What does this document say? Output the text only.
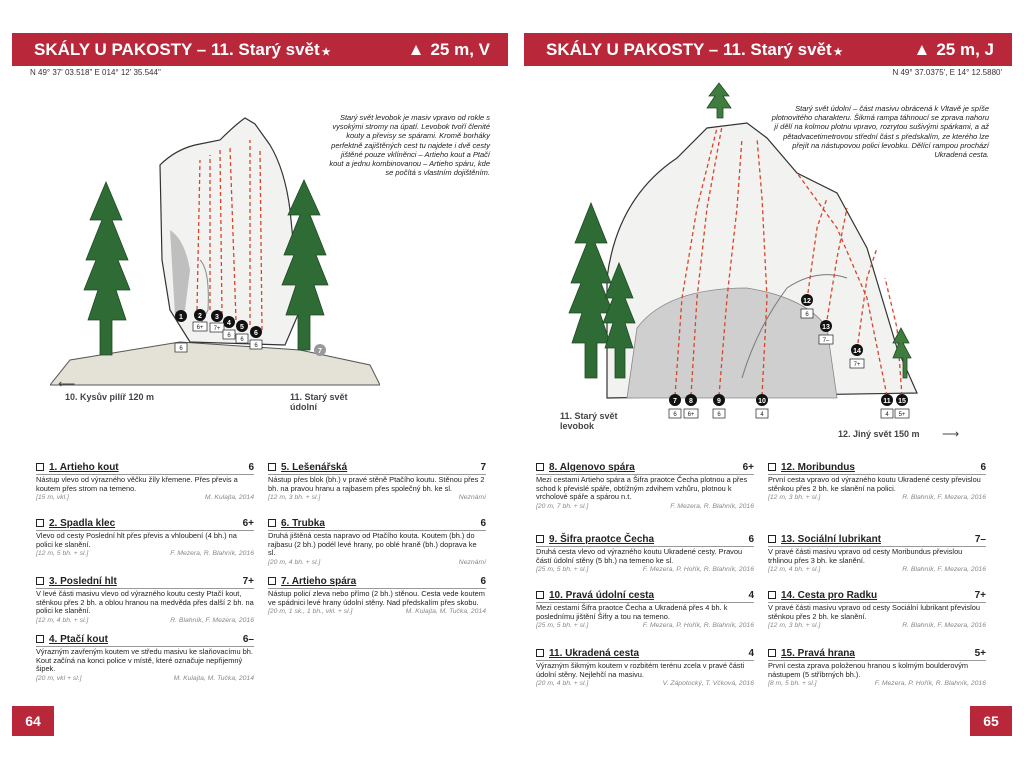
SKÁLY U PAKOSTY – 11. Starý svět ★	▲ 25 m, V
N 49° 37' 03.518" E 014° 12' 35.544"
1 2 3
4
5
6
7
6
6+ 7+
6
6
6
Starý svět levobok je masiv vpravo od rokle s vysokými stromy na úpatí. Levobok tvoří členité kouty a převisy se spárami. Kromě borháky perfektně zajištěných cest tu najdete i dvě cesty jištěné pouze vklíněnci – Artieho kout a Ptačí kout a jednu kombinovanou – Artieho spáru, kde se počítá s vlastním dojištěním.
10. Kysův pilíř 120 m	11. Starý svět údolní
⟵
1. Artieho kout	6
Nástup vlevo od výrazného věčku žíly křemene. Přes převis a koutem přes strom na temeno.
[15 m, vkl.]	M. Kulajta, 2014
2. Spadla klec	6+
Vlevo od cesty Poslední hlt přes převis a vhloubení (4 bh.) na polici ke slanění.
[12 m, 5 bh. + sl.]	F. Mezera, R. Blahník, 2016
3. Poslední hlt	7+
V levé části masivu vlevo od výrazného koutu cesty Ptačí kout, stěnkou přes 2 bh. a oblou hranou na medvěda přes další 2 bh. na polici ke slanění.
[12 m, 4 bh. + sl.]	R. Blahník, F. Mezera, 2016
4. Ptačí kout	6–
Výrazným zavřeným koutem ve středu masivu ke slaňovacímu bh. Kout začíná na konci police v místě, které označuje nepřijemný šipek.
[20 m, vkl + sl.]	M. Kulajta, M. Tučka, 2014
5. Lešenářská	7
Nástup přes blok (bh.) v pravé stěně Ptačího koutu. Stěnou přes 2 bh. na pravou hranu a rajbasem přes společný bh. ke sl.
[12 m, 3 bh. + sl.]	Neznámí
6. Trubka	6
Druhá jištěná cesta napravo od Ptačího kouta. Koutem (bh.) do rajbasu (2 bh.) podél levé hrany, po oblé hraně (bh.) doprava ke sl.
[20 m, 4 bh. + sl.]	Neznámí
7. Artieho spára	6
Nástup policí zleva nebo přímo (2 bh.) stěnou. Cesta vede koutem ve spádnici levé hrany údolní stěny. Nad předskalím přes skobu.
[20 m, 1 sk., 1 bh., vkl. + sl.]	M. Kulajta, M. Tučka, 2014
64
SKÁLY U PAKOSTY – 11. Starý svět ★	▲ 25 m, J
N 49° 37.0375', E 14° 12.5880'
7 8	9	10	11
12
13
14
15
6 6+	6	4	4 5+
6
7–
7+
Starý svět údolní – část masivu obrácená k Vltavě je spíše plotnovitého charakteru. Šikmá rampa táhnoucí se zprava nahoru jí dělí na kolmou plotnu vpravo, rozrytou sušivými spárkami, a až pětadvacetimetrovou střední část s předskalím, ze kterého lze přejít na nástupovou polici levobku. Dělící rampou prochází Ukradená cesta.
11. Starý svět levobok
12. Jiný svět 150 m ⟶
8. Algenovo spára	6+
Mezi cestami Artieho spára a Šifra praotce Čecha plotnou a přes schod k převislé spáře, obtížným zdvihem vzhůru, plotnou k vrcholové spáře a spárou n.t.
[20 m, 7 bh. + sl.]	F. Mezera, R. Blahník, 2016
9. Šifra praotce Čecha	6
Druhá cesta vlevo od výrazného koutu Ukradené cesty. Pravou částí údolní stěny (5 bh.) na temeno ke sl.
[25 m, 5 bh. + sl.]	F. Mezera, P. Hořík, R. Blahník, 2016
10. Pravá údolní cesta	4
Mezi cestami Šifra praotce Čecha a Ukradená přes 4 bh. k poslednímu jištění Šifry a tou na temeno.
[25 m, 5 bh. + sl.]	F. Mezera, P. Hořík, R. Blahník, 2016
11. Ukradená cesta	4
Výrazným šikmým koutem v rozbitém terénu zcela v pravé části údolní stěny. Nejlehčí na masivu.
[20 m, 4 bh. + sl.]	V. Zápotocký, T. Včková, 2016
12. Moribundus	6
První cesta vpravo od výrazného koutu Ukradené cesty převislou stěnkou přes 2 bh. ke slanění na polici.
[12 m, 3 bh. + sl.]	R. Blahník, F. Mezera, 2016
13. Sociální lubrikant	7–
V pravé části masivu vpravo od cesty Moribundus převislou trhlinou přes 3 bh. ke slanění.
[12 m, 4 bh. + sl.]	R. Blahník, F. Mezera, 2016
14. Cesta pro Radku	7+
V pravé části masivu vpravo od cesty Sociální lubrikant převislou stěnkou přes 2 bh. ke slanění.
[12 m, 3 bh. + sl.]	R. Blahník, F. Mezera, 2016
15. Pravá hrana	5+
První cesta zprava položenou hranou s kolmým boulderovým nástupem (5 stříbrných bh.).
[8 m, 5 bh. + sl.]	F. Mezera, P. Hořík, R. Blahník, 2016
65
